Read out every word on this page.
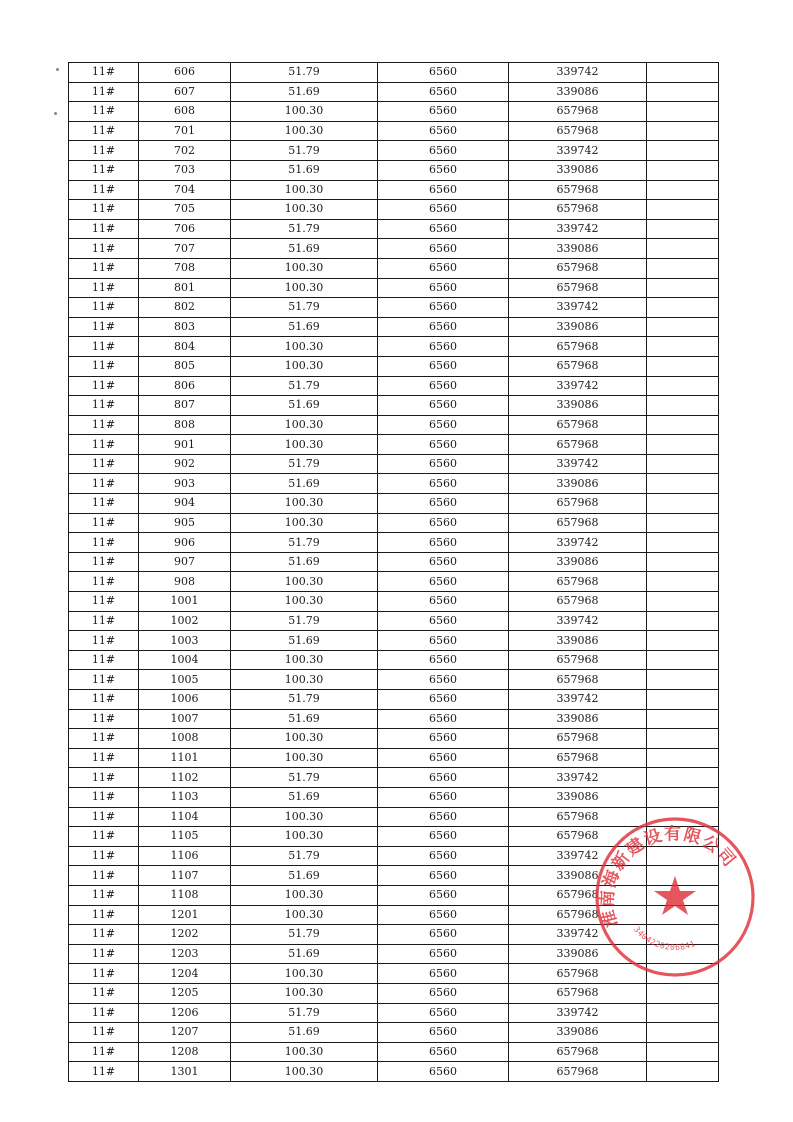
11#	606	51.79	6560	339742	
11#	607	51.69	6560	339086	
11#	608	100.30	6560	657968	
11#	701	100.30	6560	657968	
11#	702	51.79	6560	339742	
11#	703	51.69	6560	339086	
11#	704	100.30	6560	657968	
11#	705	100.30	6560	657968	
11#	706	51.79	6560	339742	
11#	707	51.69	6560	339086	
11#	708	100.30	6560	657968	
11#	801	100.30	6560	657968	
11#	802	51.79	6560	339742	
11#	803	51.69	6560	339086	
11#	804	100.30	6560	657968	
11#	805	100.30	6560	657968	
11#	806	51.79	6560	339742	
11#	807	51.69	6560	339086	
11#	808	100.30	6560	657968	
11#	901	100.30	6560	657968	
11#	902	51.79	6560	339742	
11#	903	51.69	6560	339086	
11#	904	100.30	6560	657968	
11#	905	100.30	6560	657968	
11#	906	51.79	6560	339742	
11#	907	51.69	6560	339086	
11#	908	100.30	6560	657968	
11#	1001	100.30	6560	657968	
11#	1002	51.79	6560	339742	
11#	1003	51.69	6560	339086	
11#	1004	100.30	6560	657968	
11#	1005	100.30	6560	657968	
11#	1006	51.79	6560	339742	
11#	1007	51.69	6560	339086	
11#	1008	100.30	6560	657968	
11#	1101	100.30	6560	657968	
11#	1102	51.79	6560	339742	
11#	1103	51.69	6560	339086	
11#	1104	100.30	6560	657968	
11#	1105	100.30	6560	657968	
11#	1106	51.79	6560	339742	
11#	1107	51.69	6560	339086	
11#	1108	100.30	6560	657968	
11#	1201	100.30	6560	657968	
11#	1202	51.79	6560	339742	
11#	1203	51.69	6560	339086	
11#	1204	100.30	6560	657968	
11#	1205	100.30	6560	657968	
11#	1206	51.79	6560	339742	
11#	1207	51.69	6560	339086	
11#	1208	100.30	6560	657968	
11#	1301	100.30	6560	657968	
淮南海新建设有限公司
3404220206841
